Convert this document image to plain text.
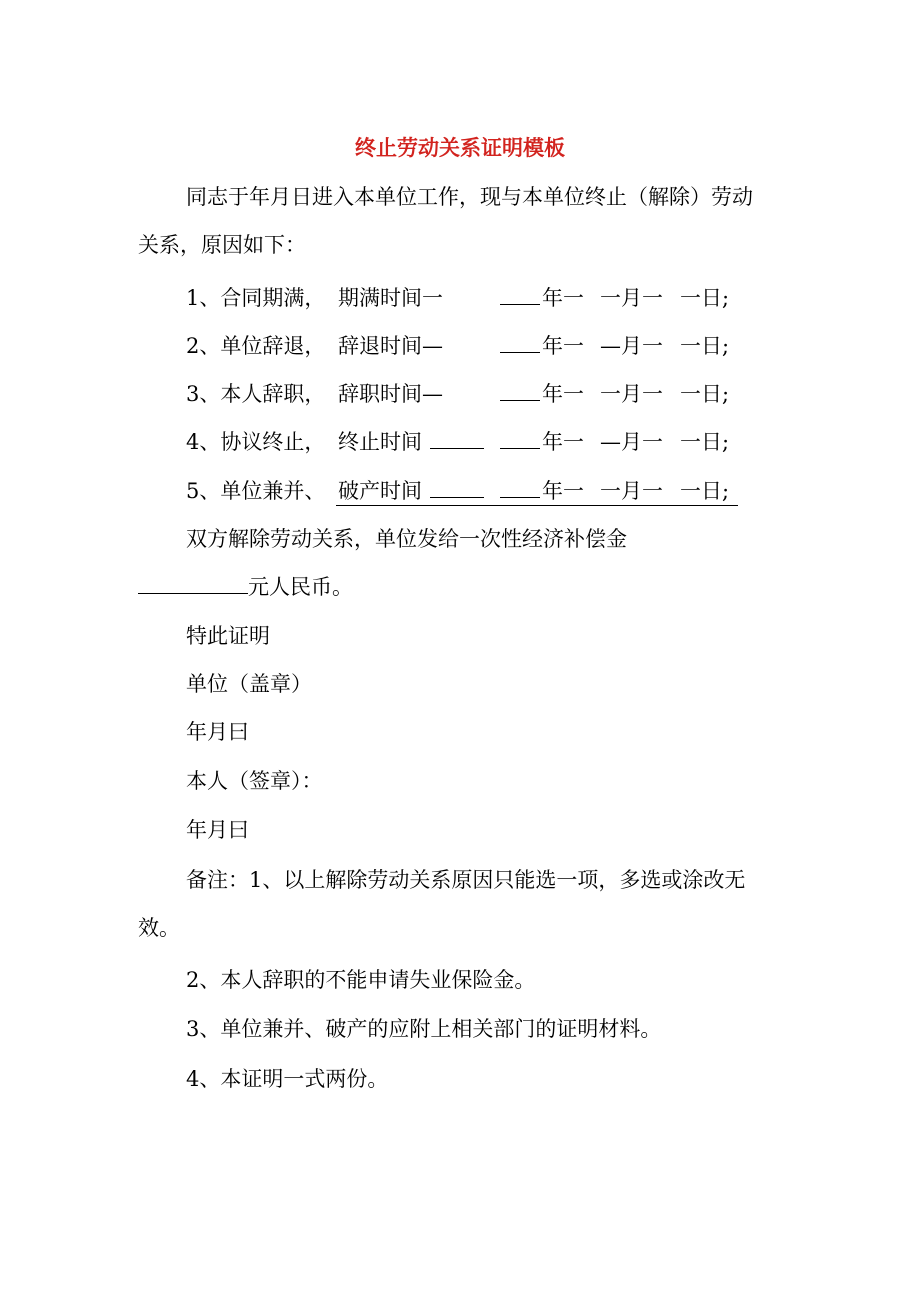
终止劳动关系证明模板
同志于年月日进入本单位工作，现与本单位终止（解除）劳动
关系，原因如下：
1、合同期满， 期满时间一	年一 一月一 一日;
2、单位辞退， 辞退时间—	年一 —月一 一日;
3、本人辞职， 辞职时间—	年一 一月一 一日;
4、协议终止， 终止时间	年一 —月一 一日;
5、单位兼并、 破产时间	年一 一月一 一日;
双方解除劳动关系，单位发给一次性经济补偿金
元人民币。
特此证明
单位（盖章）
年月曰
本人（签章）：
年月曰
备注：1、以上解除劳动关系原因只能选一项，多选或涂改无
效。
2、本人辞职的不能申请失业保险金。
3、单位兼并、破产的应附上相关部门的证明材料。
4、本证明一式两份。
